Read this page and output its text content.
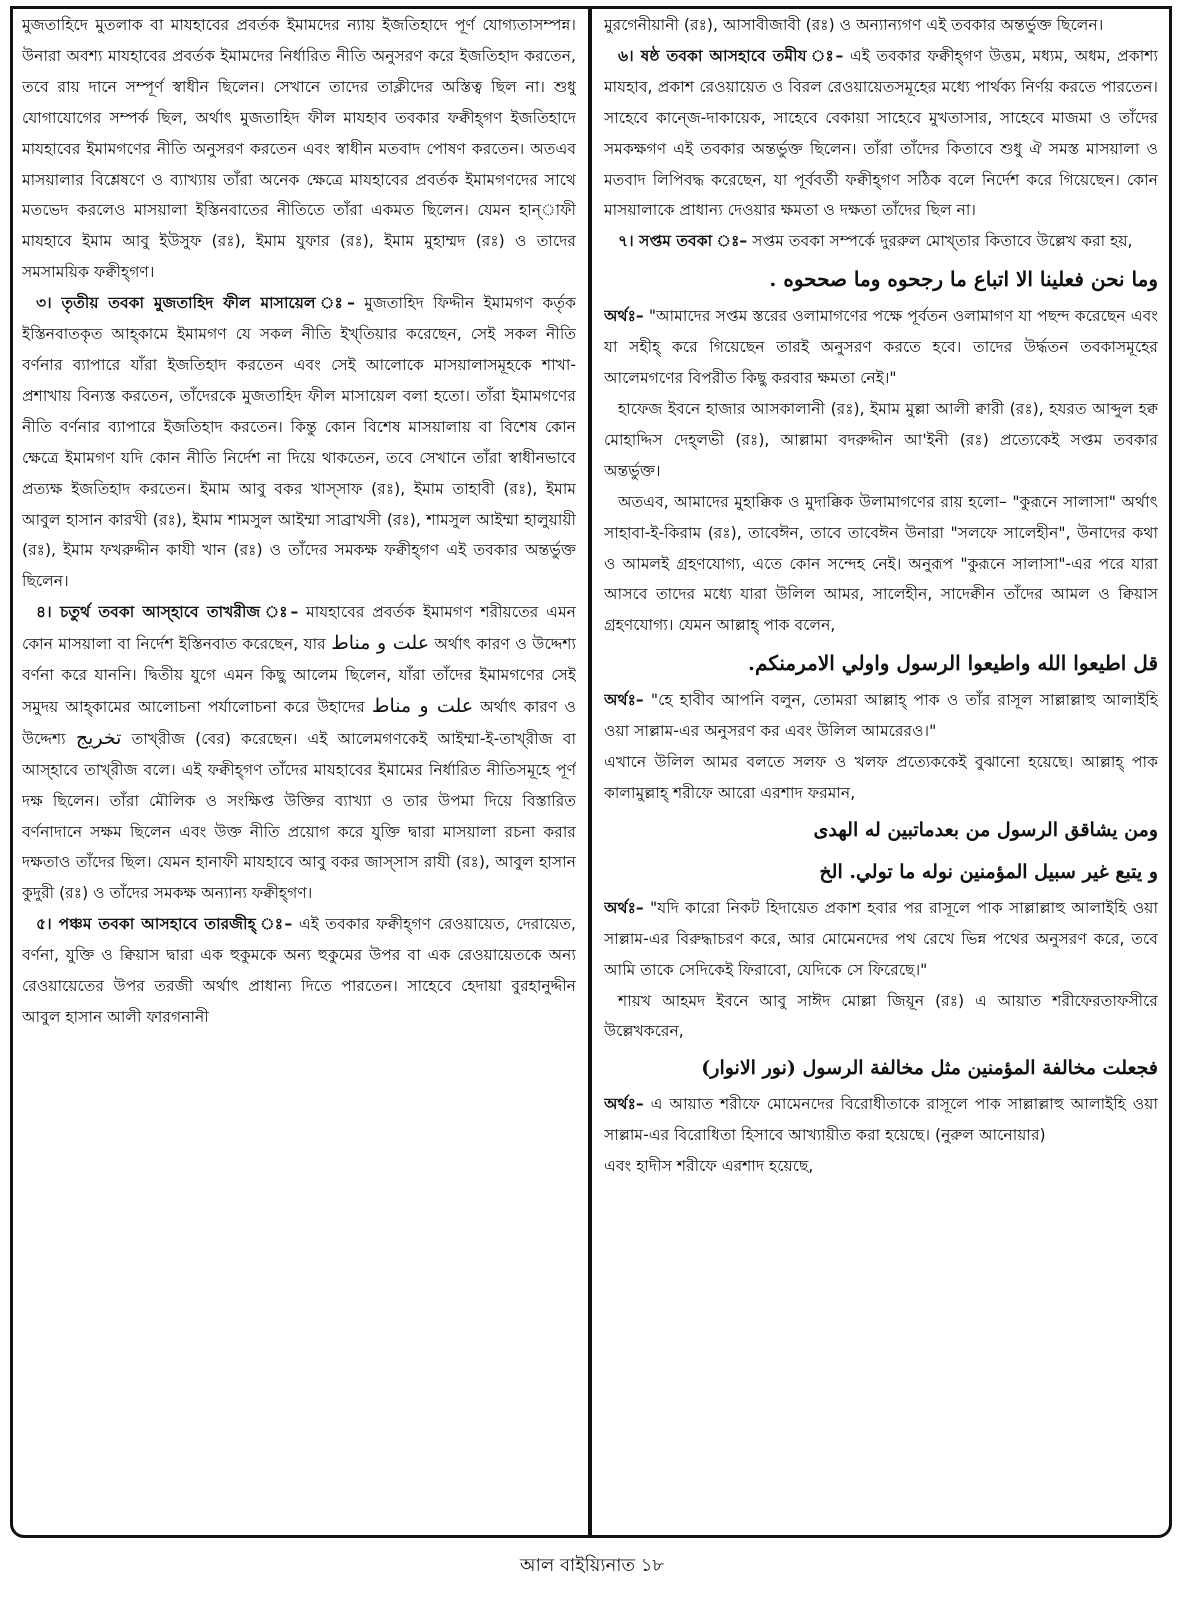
মুজতাহিদে মুতলাক বা মাযহাবের প্রবর্তক ইমামদের ন্যায় ইজতিহাদে পূর্ণ যোগ্যতাসম্পন্ন। উনারা অবশ্য মাযহাবের প্রবর্তক ইমামদের নির্ধারিত নীতি অনুসরণ করে ইজতিহাদ করতেন, তবে রায় দানে সম্পূর্ণ স্বাধীন ছিলেন। সেখানে তাদের তাক্লীদের অস্তিত্ব ছিল না। শুধু যোগাযোগের সম্পর্ক ছিল, অর্থাৎ মুজতাহিদ ফীল মাযহাব তবকার ফক্বীহ্‌গণ ইজতিহাদে মাযহাবের ইমামগণের নীতি অনুসরণ করতেন এবং স্বাধীন মতবাদ পোষণ করতেন। অতএব মাসয়ালার বিশ্লেষণে ও ব্যাখ্যায় তাঁরা অনেক ক্ষেত্রে মাযহাবের প্রবর্তক ইমামগণদের সাথে মতভেদ করলেও মাসয়ালা ইস্তিনবাতের নীতিতে তাঁরা একমত ছিলেন। যেমন হান্াফী মাযহাবে ইমাম আবু ইউসুফ (রঃ), ইমাম যুফার (রঃ), ইমাম মুহাম্মদ (রঃ) ও তাদের সমসাময়িক ফক্বীহ্‌গণ।

৩। তৃতীয় তবকা মুজতাহিদ ফীল মাসায়েল ঃ– মুজতাহিদ ফিদ্দীন ইমামগণ কর্তৃক ইস্তিনবাতকৃত আহ্‌কামে ইমামগণ যে সকল নীতি ইখ্‌তিয়ার করেছেন, সেই সকল নীতি বর্ণনার ব্যাপারে যাঁরা ইজতিহাদ করতেন এবং সেই আলোকে মাসয়ালাসমূহকে শাখা-প্রশাখায় বিন্যস্ত করতেন, তাঁদেরকে মুজতাহিদ ফীল মাসায়েল বলা হতো। তাঁরা ইমামগণের নীতি বর্ণনার ব্যাপারে ইজতিহাদ করতেন। কিন্তু কোন বিশেষ মাসয়ালায় বা বিশেষ কোন ক্ষেত্রে ইমামগণ যদি কোন নীতি নির্দেশ না দিয়ে থাকতেন, তবে সেখানে তাঁরা স্বাধীনভাবে প্রত্যক্ষ ইজতিহাদ করতেন। ইমাম আবু বকর খাস্‌সাফ (রঃ), ইমাম তাহাবী (রঃ), ইমাম আবুল হাসান কারখী (রঃ), ইমাম শামসুল আইম্মা সাব্রাখসী (রঃ), শামসুল আইম্মা হালুয়ায়ী (রঃ), ইমাম ফখরুদ্দীন কাযী খান (রঃ) ও তাঁদের সমকক্ষ ফক্বীহ্‌গণ এই তবকার অন্তর্ভুক্ত ছিলেন।

৪। চতুর্থ তবকা আস্‌হাবে তাখরীজ ঃ– মাযহাবের প্রবর্তক ইমামগণ শরীয়তের এমন কোন মাসয়ালা বা নির্দেশ ইস্তিনবাত করেছেন, যার علت و مناط অর্থাৎ কারণ ও উদ্দেশ্য বর্ণনা করে যাননি। দ্বিতীয় যুগে এমন কিছু আলেম ছিলেন, যাঁরা তাঁদের ইমামগণের সেই সমুদয় আহ্‌কামের আলোচনা পর্যালোচনা করে উহাদের علت و مناط অর্থাৎ কারণ ও উদ্দেশ্য تخريج তাখ্‌রীজ (বের) করেছেন। এই আলেমগণকেই আইম্মা-ই-তাখ্‌রীজ বা আস্‌হাবে তাখ্‌রীজ বলে। এই ফক্বীহ্‌গণ তাঁদের মাযহাবের ইমামের নির্ধারিত নীতিসমূহে পূর্ণ দক্ষ ছিলেন। তাঁরা মৌলিক ও সংক্ষিপ্ত উক্তির ব্যাখ্যা ও তার উপমা দিয়ে বিস্তারিত বর্ণনাদানে সক্ষম ছিলেন এবং উক্ত নীতি প্রয়োগ করে যুক্তি দ্বারা মাসয়ালা রচনা করার দক্ষতাও তাঁদের ছিল। যেমন হানাফী মাযহাবে আবু বকর জাস্‌সাস রাযী (রঃ), আবুল হাসান কুদুরী (রঃ) ও তাঁদের সমকক্ষ অন্যান্য ফক্বীহ্‌গণ।

৫। পঞ্চম তবকা আসহাবে তারজীহ্ ঃ– এই তবকার ফক্বীহ্‌গণ রেওয়ায়েত, দেরায়েত, বর্ণনা, যুক্তি ও ক্বিয়াস দ্বারা এক হুকুমকে অন্য হুকুমের উপর বা এক রেওয়ায়েতকে অন্য রেওয়ায়েতের উপর তরজী অর্থাৎ প্রাধান্য দিতে পারতেন। সাহেবে হেদায়া বুরহানুদ্দীন আবুল হাসান আলী ফারগনানী

মুরগেনীয়ানী (রঃ), আসাবীজাবী (রঃ) ও অন্যান্যগণ এই তবকার অন্তর্ভুক্ত ছিলেন।

৬। ষষ্ঠ তবকা আসহাবে তমীয ঃ– এই তবকার ফক্বীহ্‌গণ উত্তম, মধ্যম, অধম, প্রকাশ্য মাযহাব, প্রকাশ রেওয়ায়েত ও বিরল রেওয়ায়েতসমূহের মধ্যে পার্থক্য নির্ণয় করতে পারতেন। সাহেবে কান্জে-দাকায়েক, সাহেবে বেকায়া সাহেবে মুখতাসার, সাহেবে মাজমা ও তাঁদের সমকক্ষগণ এই তবকার অন্তর্ভুক্ত ছিলেন। তাঁরা তাঁদের কিতাবে শুধু ঐ সমস্ত মাসয়ালা ও মতবাদ লিপিবদ্ধ করেছেন, যা পূর্ববর্তী ফক্বীহ্‌গণ সঠিক বলে নির্দেশ করে গিয়েছেন। কোন মাসয়ালাকে প্রাধান্য দেওয়ার ক্ষমতা ও দক্ষতা তাঁদের ছিল না।

৭। সপ্তম তবকা ঃ– সপ্তম তবকা সম্পর্কে দুররুল মোখ্‌তার কিতাবে উল্লেখ করা হয়,

وما نحن فعلينا الا اتباع ما رجحوه وما صححوه .

অর্থঃ– "আমাদের সপ্তম স্তরের ওলামাগণের পক্ষে পূর্বতন ওলামাগণ যা পছন্দ করেছেন এবং যা সহীহ্ করে গিয়েছেন তারই অনুসরণ করতে হবে। তাদের উর্দ্ধতন তবকাসমূহের আলেমগণের বিপরীত কিছু করবার ক্ষমতা নেই।"

হাফেজ ইবনে হাজার আসকালানী (রঃ), ইমাম মুল্লা আলী ক্বারী (রঃ), হযরত আব্দুল হক্ব মোহাদ্দিস দেহ্‌লভী (রঃ), আল্লামা বদরুদ্দীন আ'ইনী (রঃ) প্রত্যেকেই সপ্তম তবকার অন্তর্ভুক্ত।

অতএব, আমাদের মুহাক্কিক ও মুদাক্কিক উলামাগণের রায় হলো– "কুরূনে সালাসা" অর্থাৎ সাহাবা-ই-কিরাম (রঃ), তাবেঈন, তাবে তাবেঈন উনারা "সলফে সালেহীন", উনাদের কথা ও আমলই গ্রহণযোগ্য, এতে কোন সন্দেহ নেই। অনুরূপ "কুরূনে সালাসা"-এর পরে যারা আসবে তাদের মধ্যে যারা উলিল আমর, সালেহীন, সাদেক্বীন তাঁদের আমল ও ক্বিয়াস গ্রহণযোগ্য। যেমন আল্লাহ্ পাক বলেন,

قل اطيعوا الله واطيعوا الرسول واولي الامرمنكم.

অর্থঃ– "হে হাবীব আপনি বলুন, তোমরা আল্লাহ্ পাক ও তাঁর রাসূল সাল্লাল্লাহু আলাইহি ওয়া সাল্লাম-এর অনুসরণ কর এবং উলিল আমরেরও।"

এখানে উলিল আমর বলতে সলফ ও খলফ প্রত্যেককেই বুঝানো হয়েছে। আল্লাহ্ পাক কালামুল্লাহ্ শরীফে আরো এরশাদ ফরমান,

ومن يشاقق الرسول من بعدماتبين له الهدى

و يتبع غير سبيل المؤمنين نوله ما تولي. الخ

অর্থঃ– "যদি কারো নিকট হিদায়েত প্রকাশ হবার পর রাসূলে পাক সাল্লাল্লাহু আলাইহি ওয়া সাল্লাম-এর বিরুদ্ধাচরণ করে, আর মোমেনদের পথ রেখে ভিন্ন পথের অনুসরণ করে, তবে আমি তাকে সেদিকেই ফিরাবো, যেদিকে সে ফিরেছে।"

শায়খ আহমদ ইবনে আবু সাঈদ মোল্লা জিয়ূন (রঃ) এ আয়াত শরীফেরতাফসীরে উল্লেখকরেন,

فجعلت مخالفة المؤمنين مثل مخالفة الرسول (نور الانوار)

অর্থঃ– এ আয়াত শরীফে মোমেনদের বিরোধীতাকে রাসূলে পাক সাল্লাল্লাহু আলাইহি ওয়া সাল্লাম-এর বিরোধিতা হিসাবে আখ্যায়ীত করা হয়েছে। (নুরুল আনোয়ার)

এবং হাদীস শরীফে এরশাদ হয়েছে,

আল বাইয়্যিনাত ১৮
